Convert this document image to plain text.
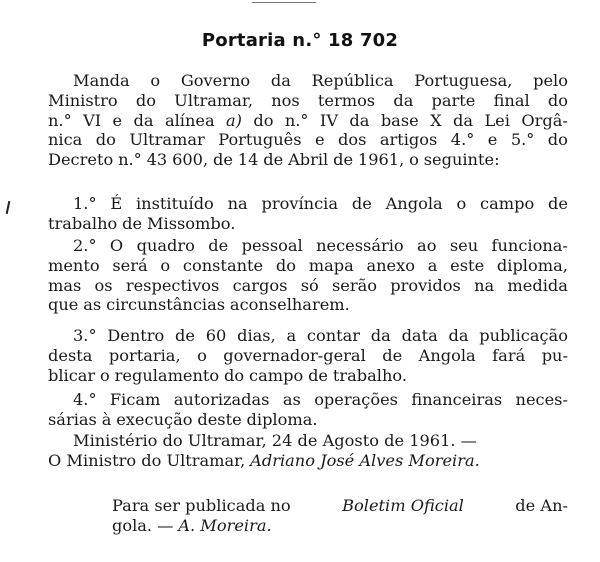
Portaria n.° 18 702
Manda o Governo da República Portuguesa, pelo
Ministro do Ultramar, nos termos da parte final do
n.° VI e da alínea a) do n.° IV da base X da Lei Orgâ-
nica do Ultramar Português e dos artigos 4.° e 5.° do
Decreto n.° 43 600, de 14 de Abril de 1961, o seguinte:
1.° É instituído na província de Angola o campo de
trabalho de Missombo.
2.° O quadro de pessoal necessário ao seu funciona-
mento será o constante do mapa anexo a este diploma,
mas os respectivos cargos só serão providos na medida
que as circunstâncias aconselharem.
3.° Dentro de 60 dias, a contar da data da publicação
desta portaria, o governador-geral de Angola fará pu-
blicar o regulamento do campo de trabalho.
4.° Ficam autorizadas as operações financeiras neces-
sárias à execução deste diploma.
Ministério do Ultramar, 24 de Agosto de 1961. —
O Ministro do Ultramar, Adriano José Alves Moreira.
Para ser publicada no	Boletim Oficial	de An-
gola. — A. Moreira.
